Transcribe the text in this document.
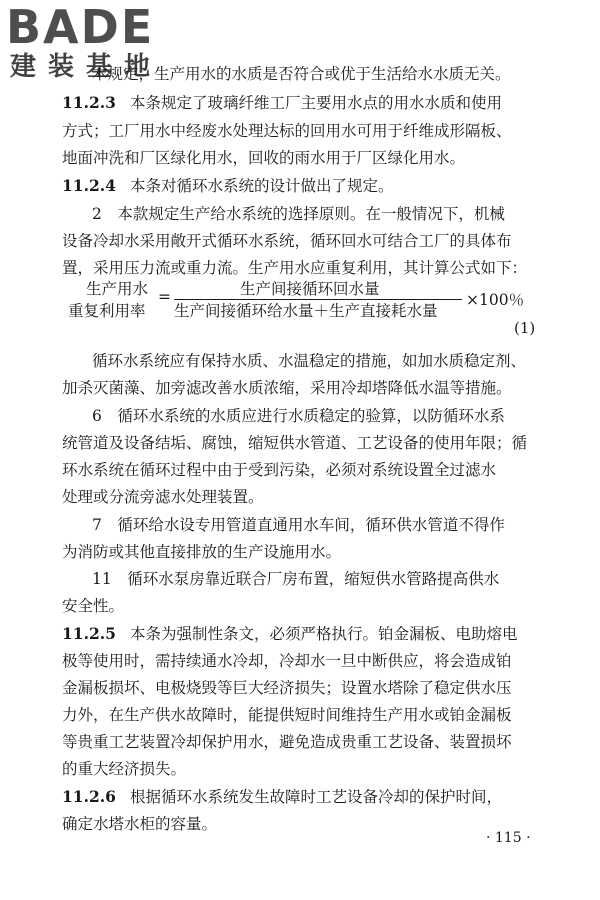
BADE
建装基地
本规定，生产用水的水质是否符合或优于生活给水水质无关。
11.2.3 本条规定了玻璃纤维工厂主要用水点的用水水质和使用
方式；工厂用水中经废水处理达标的回用水可用于纤维成形隔板、
地面冲洗和厂区绿化用水，回收的雨水用于厂区绿化用水。
11.2.4 本条对循环水系统的设计做出了规定。
2　本款规定生产给水系统的选择原则。在一般情况下，机械
设备冷却水采用敞开式循环水系统，循环回水可结合工厂的具体布
置，采用压力流或重力流。生产用水应重复利用，其计算公式如下：
生产用水
重复利用率
=	生产间接循环回水量
生产间接循环给水量＋生产直接耗水量
×100％
(1)
循环水系统应有保持水质、水温稳定的措施，如加水质稳定剂、
加杀灭菌藻、加旁滤改善水质浓缩，采用冷却塔降低水温等措施。
6　循环水系统的水质应进行水质稳定的验算，以防循环水系
统管道及设备结垢、腐蚀，缩短供水管道、工艺设备的使用年限；循
环水系统在循环过程中由于受到污染，必须对系统设置全过滤水
处理或分流旁滤水处理装置。
7　循环给水设专用管道直通用水车间，循环供水管道不得作
为消防或其他直接排放的生产设施用水。
11　循环水泵房靠近联合厂房布置，缩短供水管路提高供水
安全性。
11.2.5 本条为强制性条文，必须严格执行。铂金漏板、电助熔电
极等使用时，需持续通水冷却，冷却水一旦中断供应，将会造成铂
金漏板损坏、电极烧毁等巨大经济损失；设置水塔除了稳定供水压
力外，在生产供水故障时，能提供短时间维持生产用水或铂金漏板
等贵重工艺装置冷却保护用水，避免造成贵重工艺设备、装置损坏
的重大经济损失。
11.2.6 根据循环水系统发生故障时工艺设备冷却的保护时间，
确定水塔水柜的容量。
· 115 ·
